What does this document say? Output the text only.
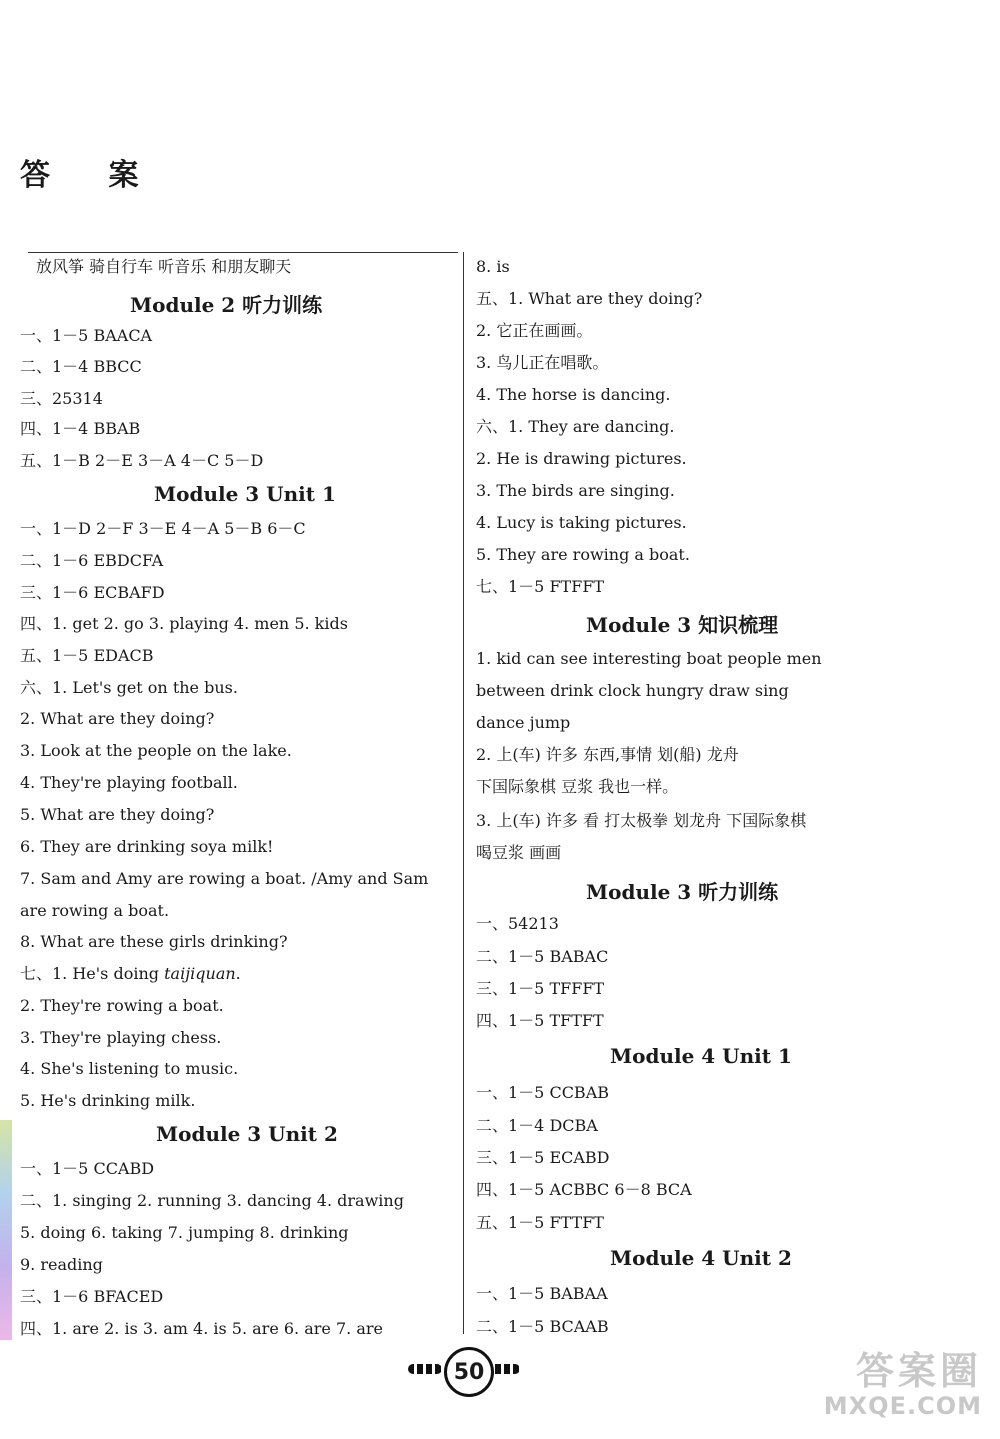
答 案
放风筝 骑自行车 听音乐 和朋友聊天
Module 2 听力训练
一、1－5 BAACA
二、1－4 BBCC
三、25314
四、1－4 BBAB
五、1－B 2－E 3－A 4－C 5－D
Module 3 Unit 1
一、1－D 2－F 3－E 4－A 5－B 6－C
二、1－6 EBDCFA
三、1－6 ECBAFD
四、1. get 2. go 3. playing 4. men 5. kids
五、1－5 EDACB
六、1. Let's get on the bus.
2. What are they doing?
3. Look at the people on the lake.
4. They're playing football.
5. What are they doing?
6. They are drinking soya milk!
7. Sam and Amy are rowing a boat. /Amy and Sam
are rowing a boat.
8. What are these girls drinking?
七、1. He's doing taijiquan.
2. They're rowing a boat.
3. They're playing chess.
4. She's listening to music.
5. He's drinking milk.
Module 3 Unit 2
一、1－5 CCABD
二、1. singing 2. running 3. dancing 4. drawing
5. doing 6. taking 7. jumping 8. drinking
9. reading
三、1－6 BFACED
四、1. are 2. is 3. am 4. is 5. are 6. are 7. are
8. is
五、1. What are they doing?
2. 它正在画画。
3. 鸟儿正在唱歌。
4. The horse is dancing.
六、1. They are dancing.
2. He is drawing pictures.
3. The birds are singing.
4. Lucy is taking pictures.
5. They are rowing a boat.
七、1－5 FTFFT
Module 3 知识梳理
1. kid can see interesting boat people men
between drink clock hungry draw sing
dance jump
2. 上(车) 许多 东西,事情 划(船) 龙舟
下国际象棋 豆浆 我也一样。
3. 上(车) 许多 看 打太极拳 划龙舟 下国际象棋
喝豆浆 画画
Module 3 听力训练
一、54213
二、1－5 BABAC
三、1－5 TFFFT
四、1－5 TFTFT
Module 4 Unit 1
一、1－5 CCBAB
二、1－4 DCBA
三、1－5 ECABD
四、1－5 ACBBC 6－8 BCA
五、1－5 FTTFT
Module 4 Unit 2
一、1－5 BABAA
二、1－5 BCAAB
50	答案圈
MXQE.COM
